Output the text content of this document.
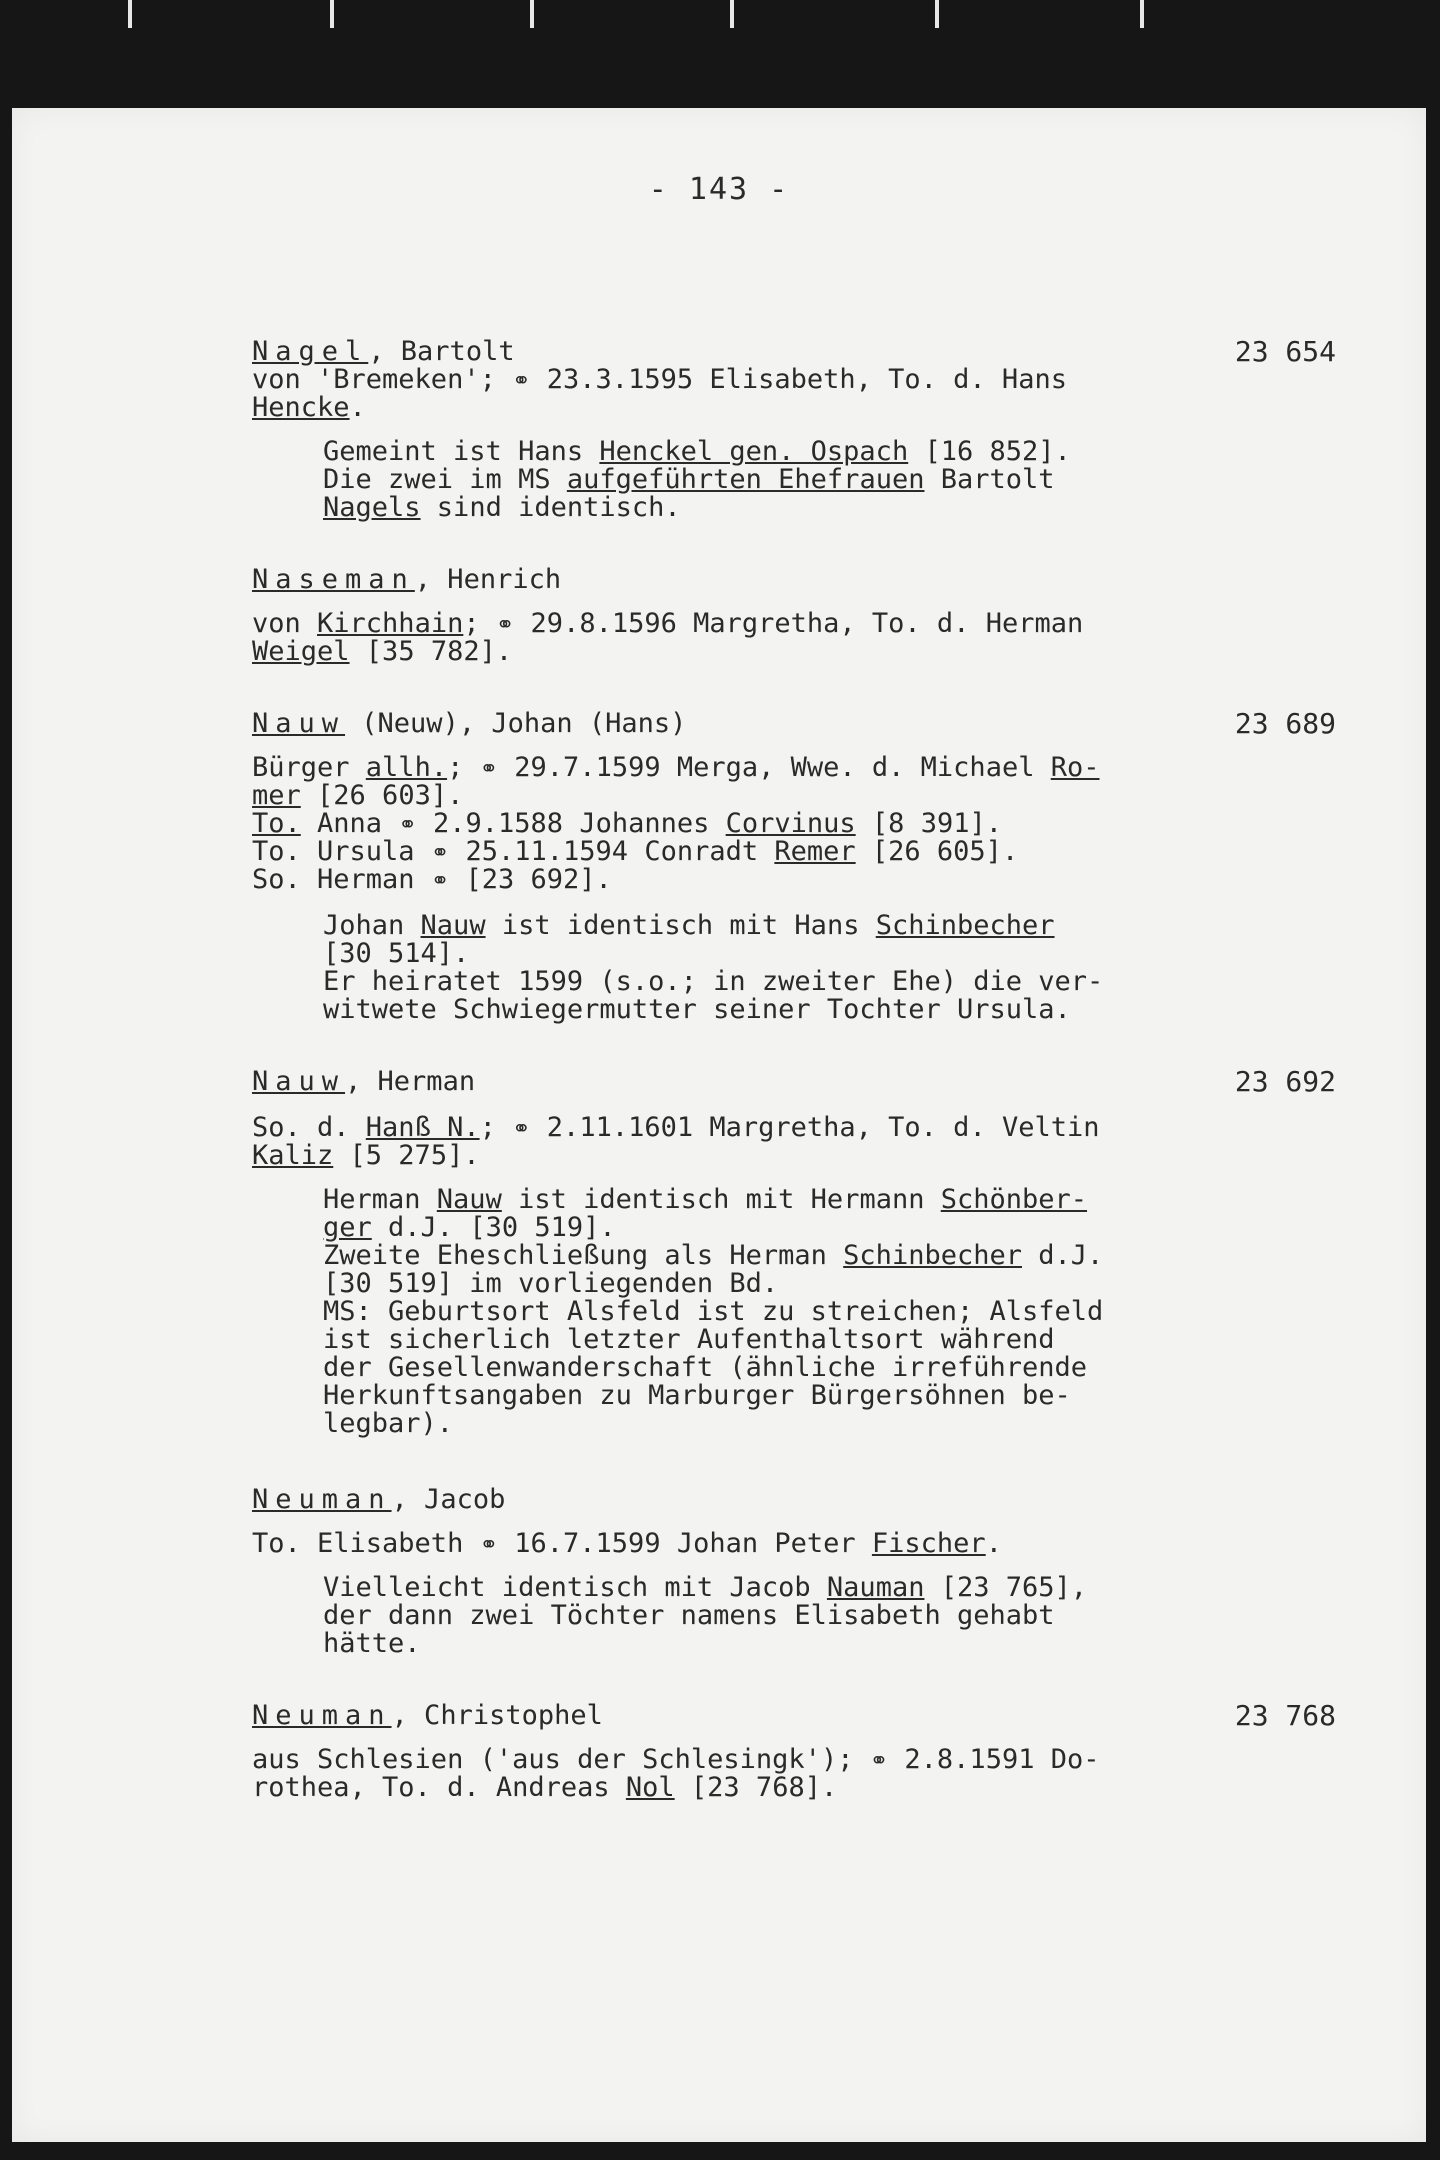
- 143 -
Nagel, Bartolt	23 654
von 'Bremeken'; ⚭ 23.3.1595 Elisabeth, To. d. Hans
Hencke.
Gemeint ist Hans Henckel gen. Ospach [16 852].
Die zwei im MS aufgeführten Ehefrauen Bartolt
Nagels sind identisch.
Naseman, Henrich
von Kirchhain; ⚭ 29.8.1596 Margretha, To. d. Herman
Weigel [35 782].
Nauw (Neuw), Johan (Hans)	23 689
Bürger allh.; ⚭ 29.7.1599 Merga, Wwe. d. Michael Ro-
mer [26 603].
To. Anna ⚭ 2.9.1588 Johannes Corvinus [8 391].
To. Ursula ⚭ 25.11.1594 Conradt Remer [26 605].
So. Herman ⚭ [23 692].
Johan Nauw ist identisch mit Hans Schinbecher
[30 514].
Er heiratet 1599 (s.o.; in zweiter Ehe) die ver-
witwete Schwiegermutter seiner Tochter Ursula.
Nauw, Herman	23 692
So. d. Hanß N.; ⚭ 2.11.1601 Margretha, To. d. Veltin
Kaliz [5 275].
Herman Nauw ist identisch mit Hermann Schönber-
ger d.J. [30 519].
Zweite Eheschließung als Herman Schinbecher d.J.
[30 519] im vorliegenden Bd.
MS: Geburtsort Alsfeld ist zu streichen; Alsfeld
ist sicherlich letzter Aufenthaltsort während
der Gesellenwanderschaft (ähnliche irreführende
Herkunftsangaben zu Marburger Bürgersöhnen be-
legbar).
Neuman, Jacob
To. Elisabeth ⚭ 16.7.1599 Johan Peter Fischer.
Vielleicht identisch mit Jacob Nauman [23 765],
der dann zwei Töchter namens Elisabeth gehabt
hätte.
Neuman, Christophel	23 768
aus Schlesien ('aus der Schlesingk'); ⚭ 2.8.1591 Do-
rothea, To. d. Andreas Nol [23 768].
